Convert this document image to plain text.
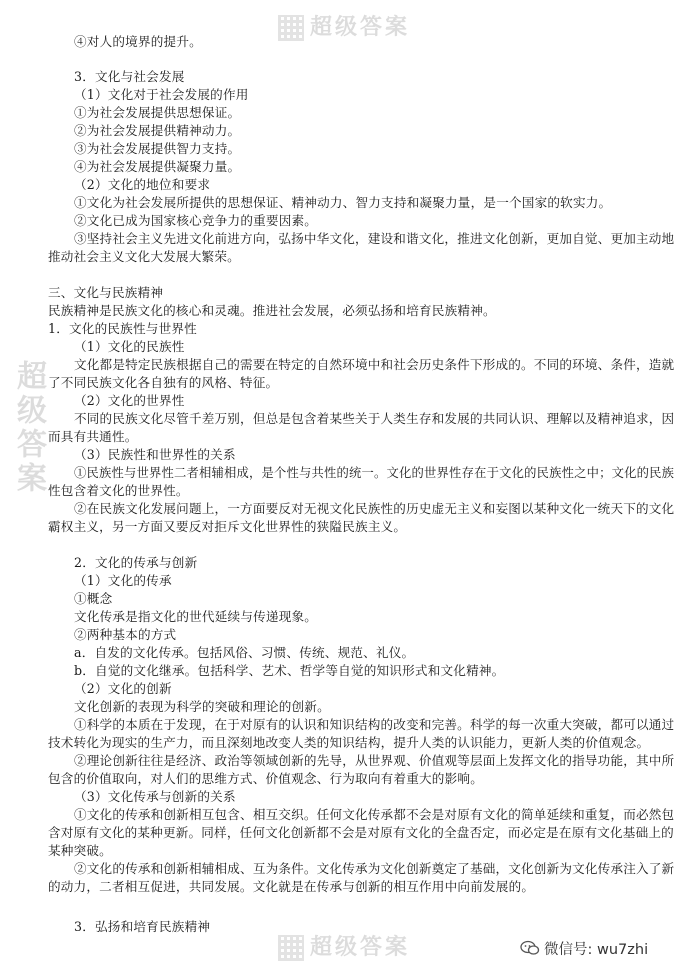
超级答案
超级答案
超级答案
④对人的境界的提升。
3．文化与社会发展
（1）文化对于社会发展的作用
①为社会发展提供思想保证。
②为社会发展提供精神动力。
③为社会发展提供智力支持。
④为社会发展提供凝聚力量。
（2）文化的地位和要求
①文化为社会发展所提供的思想保证、精神动力、智力支持和凝聚力量，是一个国家的软实力。
②文化已成为国家核心竞争力的重要因素。
③坚持社会主义先进文化前进方向，弘扬中华文化，建设和谐文化，推进文化创新，更加自觉、更加主动地
推动社会主义文化大发展大繁荣。
三、文化与民族精神
民族精神是民族文化的核心和灵魂。推进社会发展，必须弘扬和培育民族精神。
1．文化的民族性与世界性
（1）文化的民族性
文化都是特定民族根据自己的需要在特定的自然环境中和社会历史条件下形成的。不同的环境、条件，造就
了不同民族文化各自独有的风格、特征。
（2）文化的世界性
不同的民族文化尽管千差万别，但总是包含着某些关于人类生存和发展的共同认识、理解以及精神追求，因
而具有共通性。
（3）民族性和世界性的关系
①民族性与世界性二者相辅相成，是个性与共性的统一。文化的世界性存在于文化的民族性之中；文化的民族
性包含着文化的世界性。
②在民族文化发展问题上，一方面要反对无视文化民族性的历史虚无主义和妄图以某种文化一统天下的文化
霸权主义，另一方面又要反对拒斥文化世界性的狭隘民族主义。
2．文化的传承与创新
（1）文化的传承
①概念
文化传承是指文化的世代延续与传递现象。
②两种基本的方式
a．自发的文化传承。包括风俗、习惯、传统、规范、礼仪。
b．自觉的文化继承。包括科学、艺术、哲学等自觉的知识形式和文化精神。
（2）文化的创新
文化创新的表现为科学的突破和理论的创新。
①科学的本质在于发现，在于对原有的认识和知识结构的改变和完善。科学的每一次重大突破，都可以通过
技术转化为现实的生产力，而且深刻地改变人类的知识结构，提升人类的认识能力，更新人类的价值观念。
②理论创新往往是经济、政治等领域创新的先导，从世界观、价值观等层面上发挥文化的指导功能，其中所
包含的价值取向，对人们的思维方式、价值观念、行为取向有着重大的影响。
（3）文化传承与创新的关系
①文化的传承和创新相互包含、相互交织。任何文化传承都不会是对原有文化的简单延续和重复，而必然包
含对原有文化的某种更新。同样，任何文化创新都不会是对原有文化的全盘否定，而必定是在原有文化基础上的
某种突破。
②文化的传承和创新相辅相成、互为条件。文化传承为文化创新奠定了基础，文化创新为文化传承注入了新
的动力，二者相互促进，共同发展。文化就是在传承与创新的相互作用中向前发展的。
3．弘扬和培育民族精神
微信号: wu7zhi
